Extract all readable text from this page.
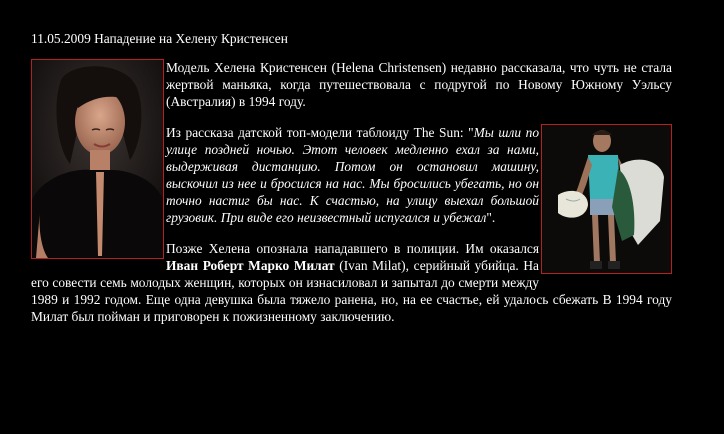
11.05.2009 Нападение на Хелену Кристенсен

Модель Хелена Кристенсен (Helena Christensen) недавно рассказала, что чуть не стала жертвой маньяка, когда путешествовала с подругой по Новому Южному Уэльсу (Австралия) в 1994 году.

Из рассказа датской топ-модели таблоиду The Sun: "Мы шли по улице поздней ночью. Этот человек медленно ехал за нами, выдерживая дистанцию. Потом он остановил машину, выскочил из нее и бросился на нас. Мы бросились убегать, но он точно настиг бы нас. К счастью, на улицу выехал большой грузовик. При виде его неизвестный испугался и убежал".

Позже Хелена опознала нападавшего в полиции. Им оказался Иван Роберт Марко Милат (Ivan Milat), серийный убийца. На его совести семь молодых женщин, которых он изнасиловал и запытал до смерти между 1989 и 1992 годом. Еще одна девушка была тяжело ранена, но, на ее счастье, ей удалось сбежать В 1994 году Милат был пойман и приговорен к пожизненному заключению.
